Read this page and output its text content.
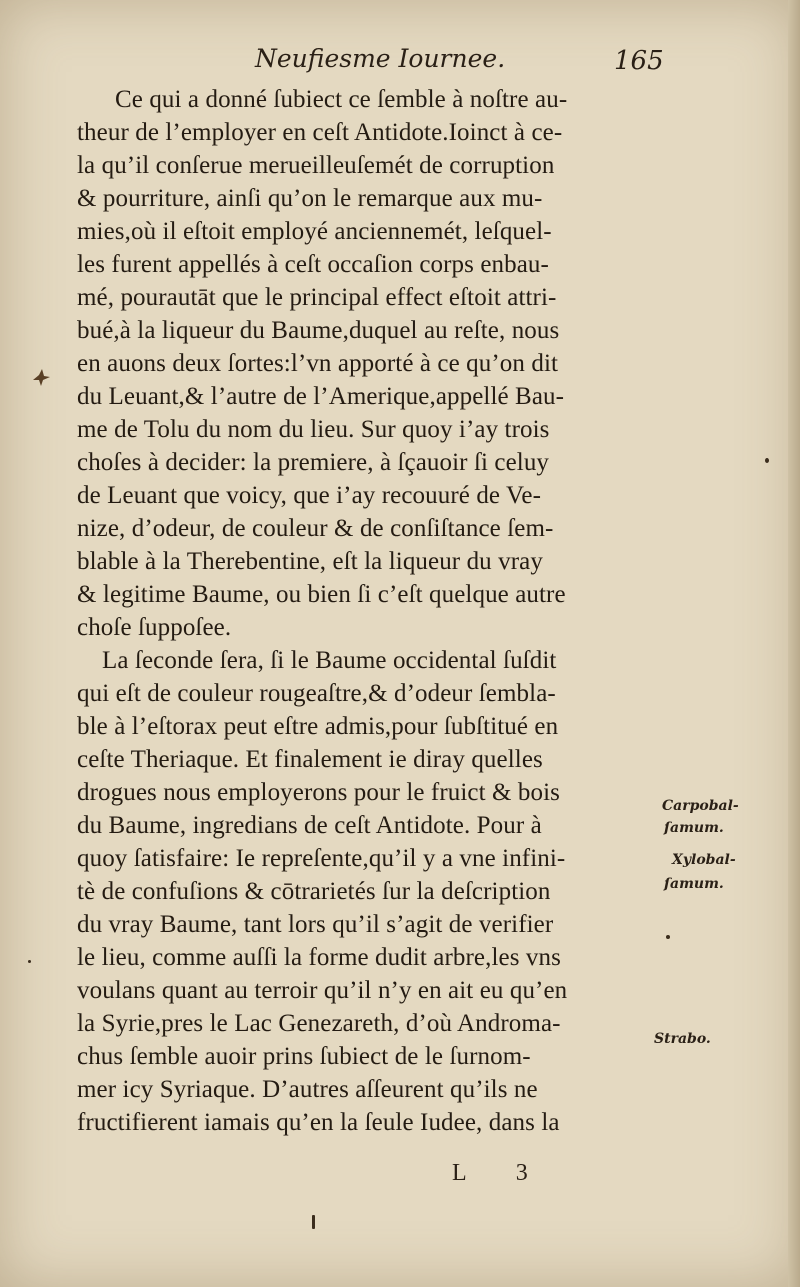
Neufiesme Iournee.	165
Ce qui a donné ſubiect ce ſemble à noſtre au-
theur de l’employer en ceſt Antidote.Ioinct à ce-
la qu’il conſerue merueilleuſemét de corruption
& pourriture, ainſi qu’on le remarque aux mu-
mies,où il eſtoit employé anciennemét, leſquel-
les furent appellés à ceſt occaſion corps enbau-
mé, pourautāt que le principal effect eſtoit attri-
bué,à la liqueur du Baume,duquel au reſte, nous
en auons deux ſortes:l’vn apporté à ce qu’on dit
du Leuant,& l’autre de l’Amerique,appellé Bau-
me de Tolu du nom du lieu. Sur quoy i’ay trois
choſes à decider: la premiere, à ſçauoir ſi celuy
de Leuant que voicy, que i’ay recouuré de Ve-
nize, d’odeur, de couleur & de conſiſtance ſem-
blable à la Therebentine, eſt la liqueur du vray
& legitime Baume, ou bien ſi c’eſt quelque autre
choſe ſuppoſee.
La ſeconde ſera, ſi le Baume occidental ſuſdit
qui eſt de couleur rougeaſtre,& d’odeur ſembla-
ble à l’eſtorax peut eſtre admis,pour ſubſtitué en
ceſte Theriaque. Et finalement ie diray quelles
drogues nous employerons pour le fruict & bois
du Baume, ingredians de ceſt Antidote. Pour à
quoy ſatisfaire: Ie repreſente,qu’il y a vne infini-
tè de confuſions & cōtrarietés ſur la deſcription
du vray Baume, tant lors qu’il s’agit de verifier
le lieu, comme auſſi la forme dudit arbre,les vns
voulans quant au terroir qu’il n’y en ait eu qu’en
la Syrie,pres le Lac Genezareth, d’où Androma-
chus ſemble auoir prins ſubiect de le ſurnom-
mer icy Syriaque. D’autres aſſeurent qu’ils ne
fructifierent iamais qu’en la ſeule Iudee, dans la
Carpobal-
ſamum.
Xylobal-
ſamum.
Strabo.
L 3
